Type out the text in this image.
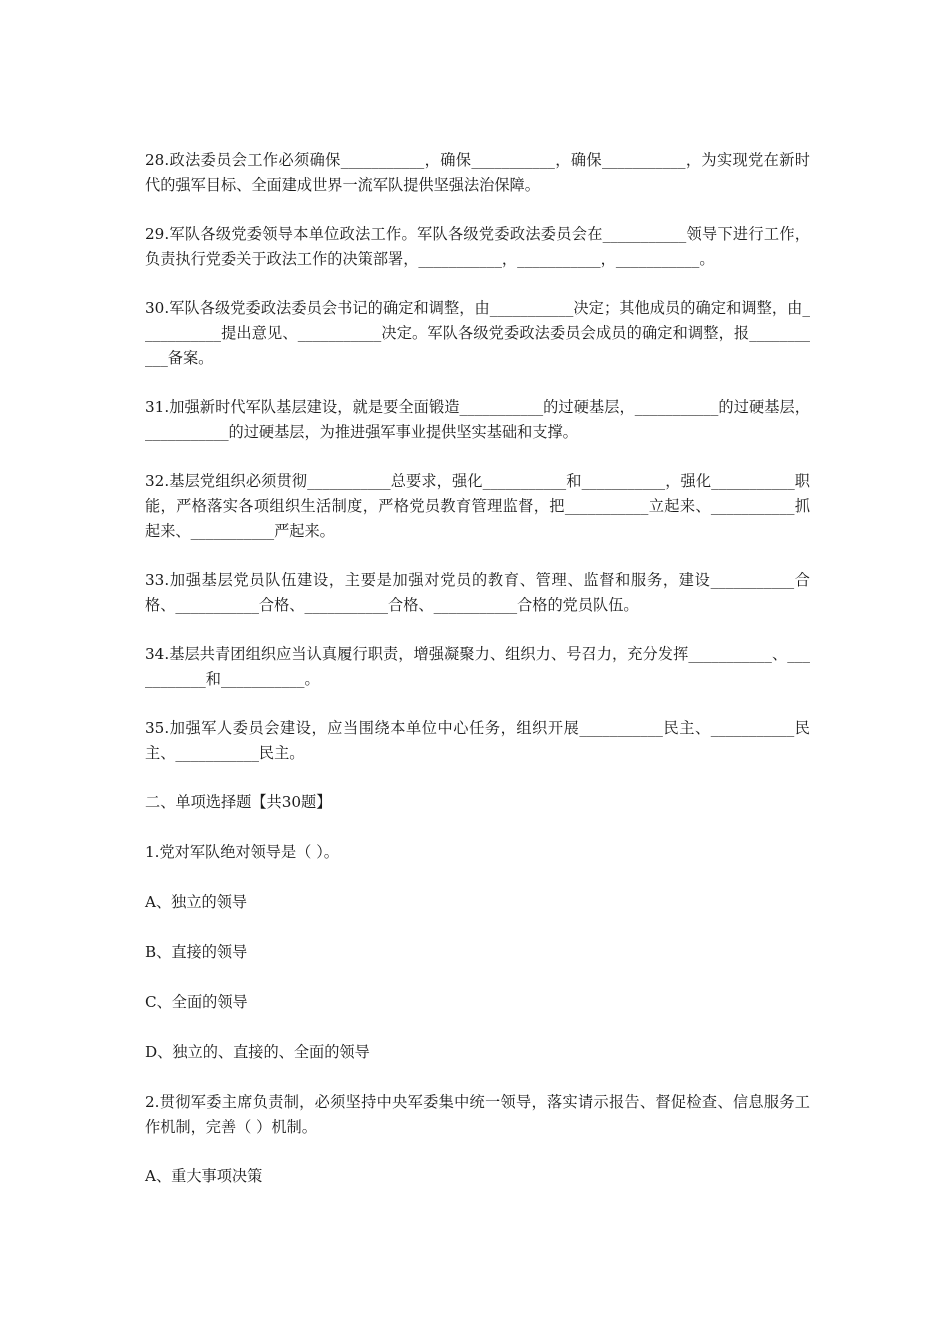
28.政法委员会工作必须确保___________，确保___________，确保___________，为实现党在新时代的强军目标、全面建成世界一流军队提供坚强法治保障。

29.军队各级党委领导本单位政法工作。军队各级党委政法委员会在___________领导下进行工作，负责执行党委关于政法工作的决策部署，___________，___________，___________。

30.军队各级党委政法委员会书记的确定和调整，由___________决定；其他成员的确定和调整，由___________提出意见、___________决定。军队各级党委政法委员会成员的确定和调整，报___________备案。

31.加强新时代军队基层建设，就是要全面锻造___________的过硬基层，___________的过硬基层，___________的过硬基层，为推进强军事业提供坚实基础和支撑。

32.基层党组织必须贯彻___________总要求，强化___________和___________，强化___________职能，严格落实各项组织生活制度，严格党员教育管理监督，把___________立起来、___________抓起来、___________严起来。

33.加强基层党员队伍建设，主要是加强对党员的教育、管理、监督和服务，建设___________合格、___________合格、___________合格、___________合格的党员队伍。

34.基层共青团组织应当认真履行职责，增强凝聚力、组织力、号召力，充分发挥___________、___________和___________。

35.加强军人委员会建设，应当围绕本单位中心任务，组织开展___________民主、___________民主、___________民主。

二、单项选择题【共30题】

1.党对军队绝对领导是（ ）。

A、独立的领导

B、直接的领导

C、全面的领导

D、独立的、直接的、全面的领导

2.贯彻军委主席负责制，必须坚持中央军委集中统一领导，落实请示报告、督促检查、信息服务工作机制，完善（ ）机制。

A、重大事项决策
